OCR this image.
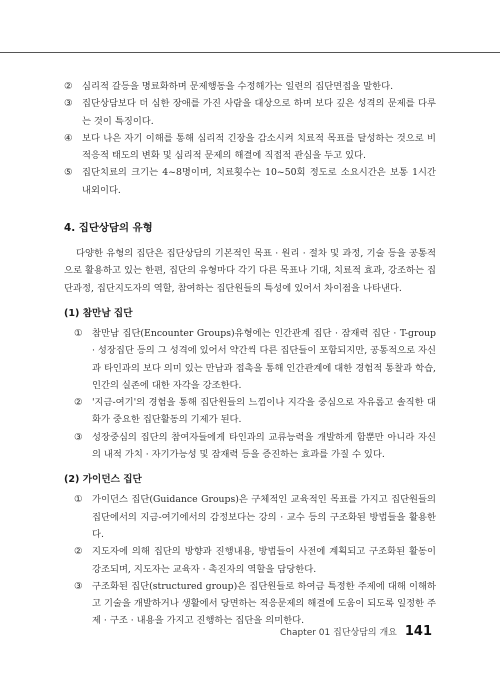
②	심리적 갈등을 명료화하며 문제행동을 수정해가는 일련의 집단면접을 말한다.
③	집단상담보다 더 심한 장애를 가진 사람을 대상으로 하며 보다 깊은 성격의 문제를 다루는 것이 특징이다.
④	보다 나은 자기 이해를 통해 심리적 긴장을 감소시켜 치료적 목표를 달성하는 것으로 비적응적 태도의 변화 및 심리적 문제의 해결에 직접적 관심을 두고 있다.
⑤	집단치료의 크기는 4~8명이며, 치료횟수는 10~50회 정도로 소요시간은 보통 1시간 내외이다.
4. 집단상담의 유형
다양한 유형의 집단은 집단상담의 기본적인 목표 · 원리 · 절차 및 과정, 기술 등을 공통적으로 활용하고 있는 한편, 집단의 유형마다 각기 다른 목표나 기대, 치료적 효과, 강조하는 집단과정, 집단지도자의 역할, 참여하는 집단원들의 특성에 있어서 차이점을 나타낸다.
(1) 참만남 집단
①	참만남 집단(Encounter Groups)유형에는 인간관계 집단 · 잠재력 집단 · T-group · 성장집단 등의 그 성격에 있어서 약간씩 다른 집단들이 포함되지만, 공통적으로 자신과 타인과의 보다 의미 있는 만남과 접촉을 통해 인간관계에 대한 경험적 통찰과 학습, 인간의 실존에 대한 자각을 강조한다.
②	'지금-여기'의 경험을 통해 집단원들의 느낌이나 지각을 중심으로 자유롭고 솔직한 대화가 중요한 집단활동의 기제가 된다.
③	성장중심의 집단의 참여자들에게 타인과의 교류능력을 개발하게 함뿐만 아니라 자신의 내적 가치 · 자기가능성 및 잠재력 등을 증진하는 효과를 가질 수 있다.
(2) 가이던스 집단
①	가이던스 집단(Guidance Groups)은 구체적인 교육적인 목표를 가지고 집단원들의 집단에서의 지금-여기에서의 감정보다는 강의 · 교수 등의 구조화된 방법들을 활용한다.
②	지도자에 의해 집단의 방향과 진행내용, 방법들이 사전에 계획되고 구조화된 활동이 강조되며, 지도자는 교육자 · 촉진자의 역할을 담당한다.
③	구조화된 집단(structured group)은 집단원들로 하여금 특정한 주제에 대해 이해하고 기술을 개발하거나 생활에서 당면하는 적응문제의 해결에 도움이 되도록 일정한 주제 · 구조 · 내용을 가지고 진행하는 집단을 의미한다.
Chapter 01 집단상담의 개요 141
